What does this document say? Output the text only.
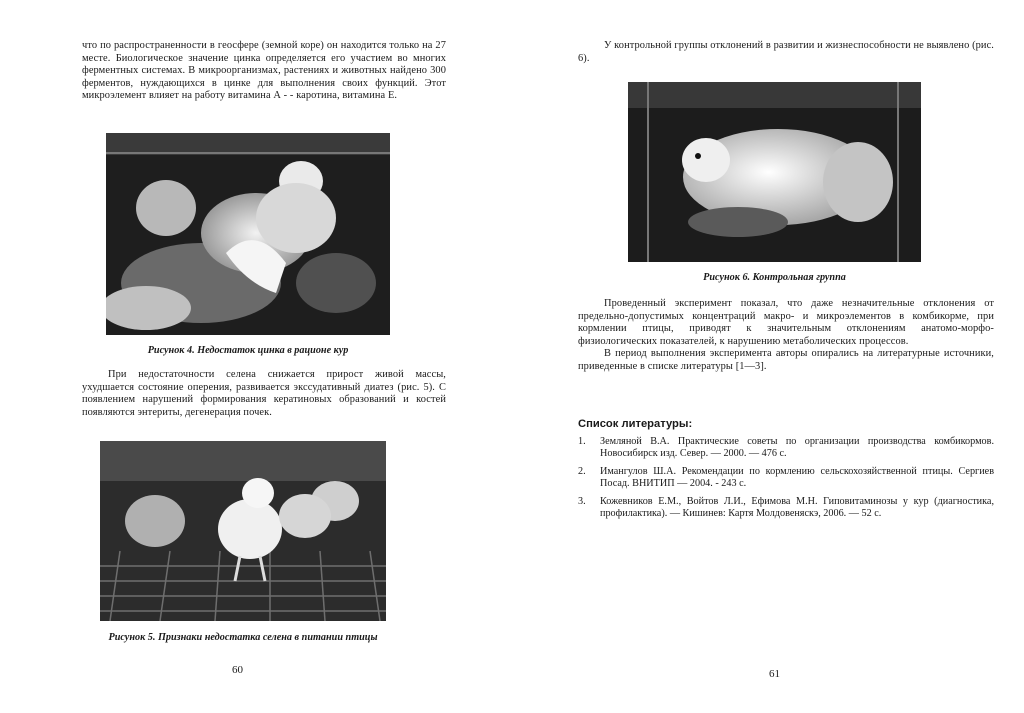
что по распространенности в геосфере (земной коре) он находится только на 27 месте. Биологическое значение цинка определяется его участием во многих ферментных системах. В микроорганизмах, растениях и животных найдено 300 ферментов, нуждающихся в цинке для выполнения своих функций. Этот микроэлемент влияет на работу витамина А - - каротина, витамина Е.

Рисунок 4. Недостаток цинка в рационе кур

При недостаточности селена снижается прирост живой массы, ухудшается состояние оперения, развивается экссудативный диатез (рис. 5). С появлением нарушений формирования кератиновых образований и костей появляются энтериты, дегенерация почек.

Рисунок 5. Признаки недостатка селена в питании птицы
60

У контрольной группы отклонений в развитии и жизнеспособности не выявлено (рис. 6).

Рисунок 6. Контрольная группа

Проведенный эксперимент показал, что даже незначительные отклонения от предельно-допустимых концентраций макро- и микроэлементов в комбикорме, при кормлении птицы, приводят к значительным отклонениям анатомо-морфо-физиологических показателей, к нарушению метаболических процессов.

В период выполнения эксперимента авторы опирались на литературные источники, приведенные в списке литературы [1—3].

Список литературы:
1.	Земляной В.А. Практические советы по организации производства комбикормов. Новосибирск изд. Север. — 2000. — 476 с.
2.	Имангулов Ш.А. Рекомендации по кормлению сельскохозяйственной птицы. Сергиев Посад. ВНИТИП — 2004. - 243 с.
3.	Кожевников Е.М., Войтов Л.И., Ефимова М.Н. Гиповитаминозы у кур (диагностика, профилактика). — Кишинев: Картя Молдовеняскэ, 2006. — 52 с.
61
